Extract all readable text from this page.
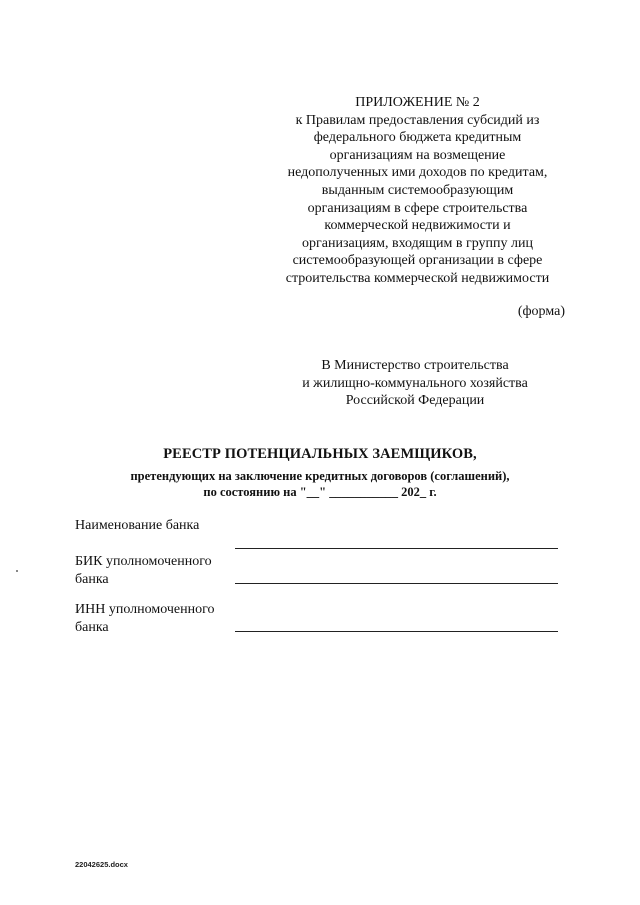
ПРИЛОЖЕНИЕ № 2
к Правилам предоставления субсидий из
федерального бюджета кредитным
организациям на возмещение
недополученных ими доходов по кредитам,
выданным системообразующим
организациям в сфере строительства
коммерческой недвижимости и
организациям, входящим в группу лиц
системообразующей организации в сфере
строительства коммерческой недвижимости
(форма)
В Министерство строительства
и жилищно-коммунального хозяйства
Российской Федерации
РЕЕСТР ПОТЕНЦИАЛЬНЫХ ЗАЕМЩИКОВ,
претендующих на заключение кредитных договоров (соглашений),
по состоянию на "__" ___________ 202_ г.
Наименование банка
БИК уполномоченного
банка
ИНН уполномоченного
банка
22042625.docx
